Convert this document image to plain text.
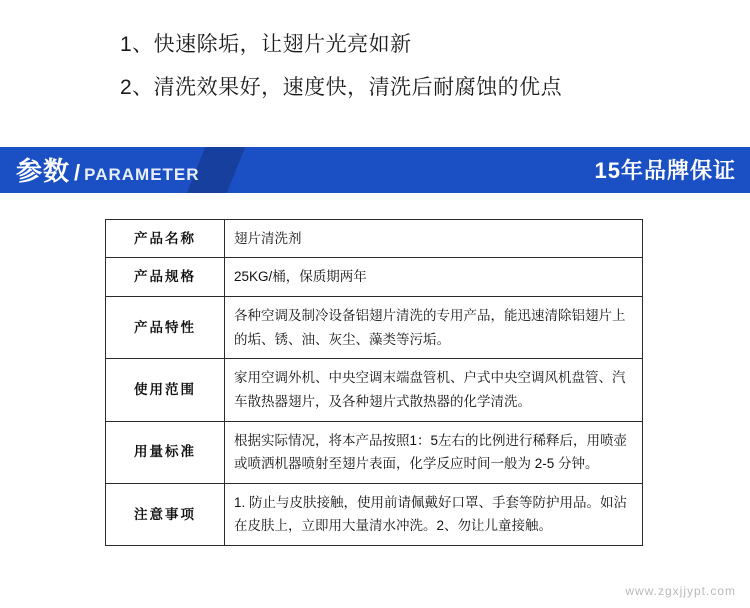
1、快速除垢，让翅片光亮如新
2、清洗效果好，速度快，清洗后耐腐蚀的优点
参数 / PARAMETER	15年品牌保证
产品名称	翅片清洗剂
产品规格	25KG/桶，保质期两年
产品特性	各种空调及制冷设备铝翅片清洗的专用产品，能迅速清除铝翅片上的垢、锈、油、灰尘、藻类等污垢。
使用范围	家用空调外机、中央空调末端盘管机、户式中央空调风机盘管、汽车散热器翅片，及各种翅片式散热器的化学清洗。
用量标准	根据实际情况，将本产品按照1：5左右的比例进行稀释后，用喷壶或喷洒机器喷射至翅片表面，化学反应时间一般为 2-5 分钟。
注意事项	1. 防止与皮肤接触，使用前请佩戴好口罩、手套等防护用品。如沾在皮肤上，立即用大量清水冲洗。2、勿让儿童接触。
www.zgxjjypt.com
